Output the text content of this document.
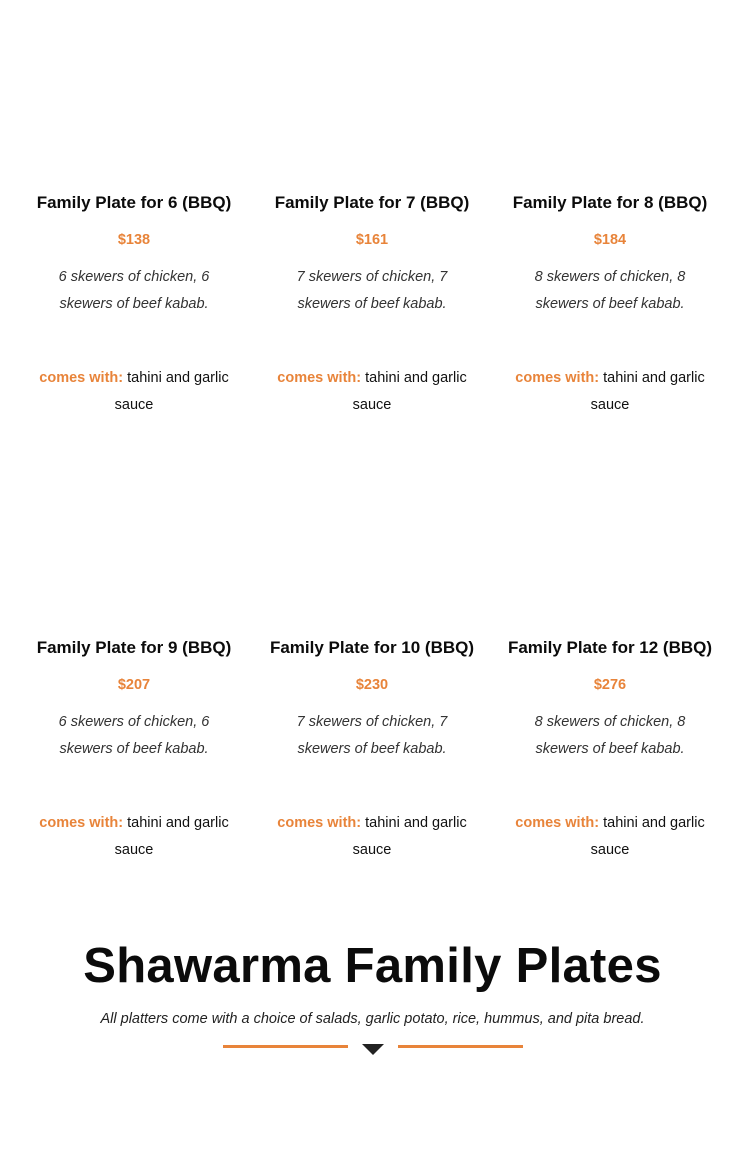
Family Plate for 6 (BBQ)
$138
6 skewers of chicken, 6 skewers of beef kabab.
comes with: tahini and garlic sauce
Family Plate for 7 (BBQ)
$161
7 skewers of chicken, 7 skewers of beef kabab.
comes with: tahini and garlic sauce
Family Plate for 8 (BBQ)
$184
8 skewers of chicken, 8 skewers of beef kabab.
comes with: tahini and garlic sauce
Family Plate for 9 (BBQ)
$207
6 skewers of chicken, 6 skewers of beef kabab.
comes with: tahini and garlic sauce
Family Plate for 10 (BBQ)
$230
7 skewers of chicken, 7 skewers of beef kabab.
comes with: tahini and garlic sauce
Family Plate for 12 (BBQ)
$276
8 skewers of chicken, 8 skewers of beef kabab.
comes with: tahini and garlic sauce
Shawarma Family Plates
All platters come with a choice of salads, garlic potato, rice, hummus, and pita bread.
